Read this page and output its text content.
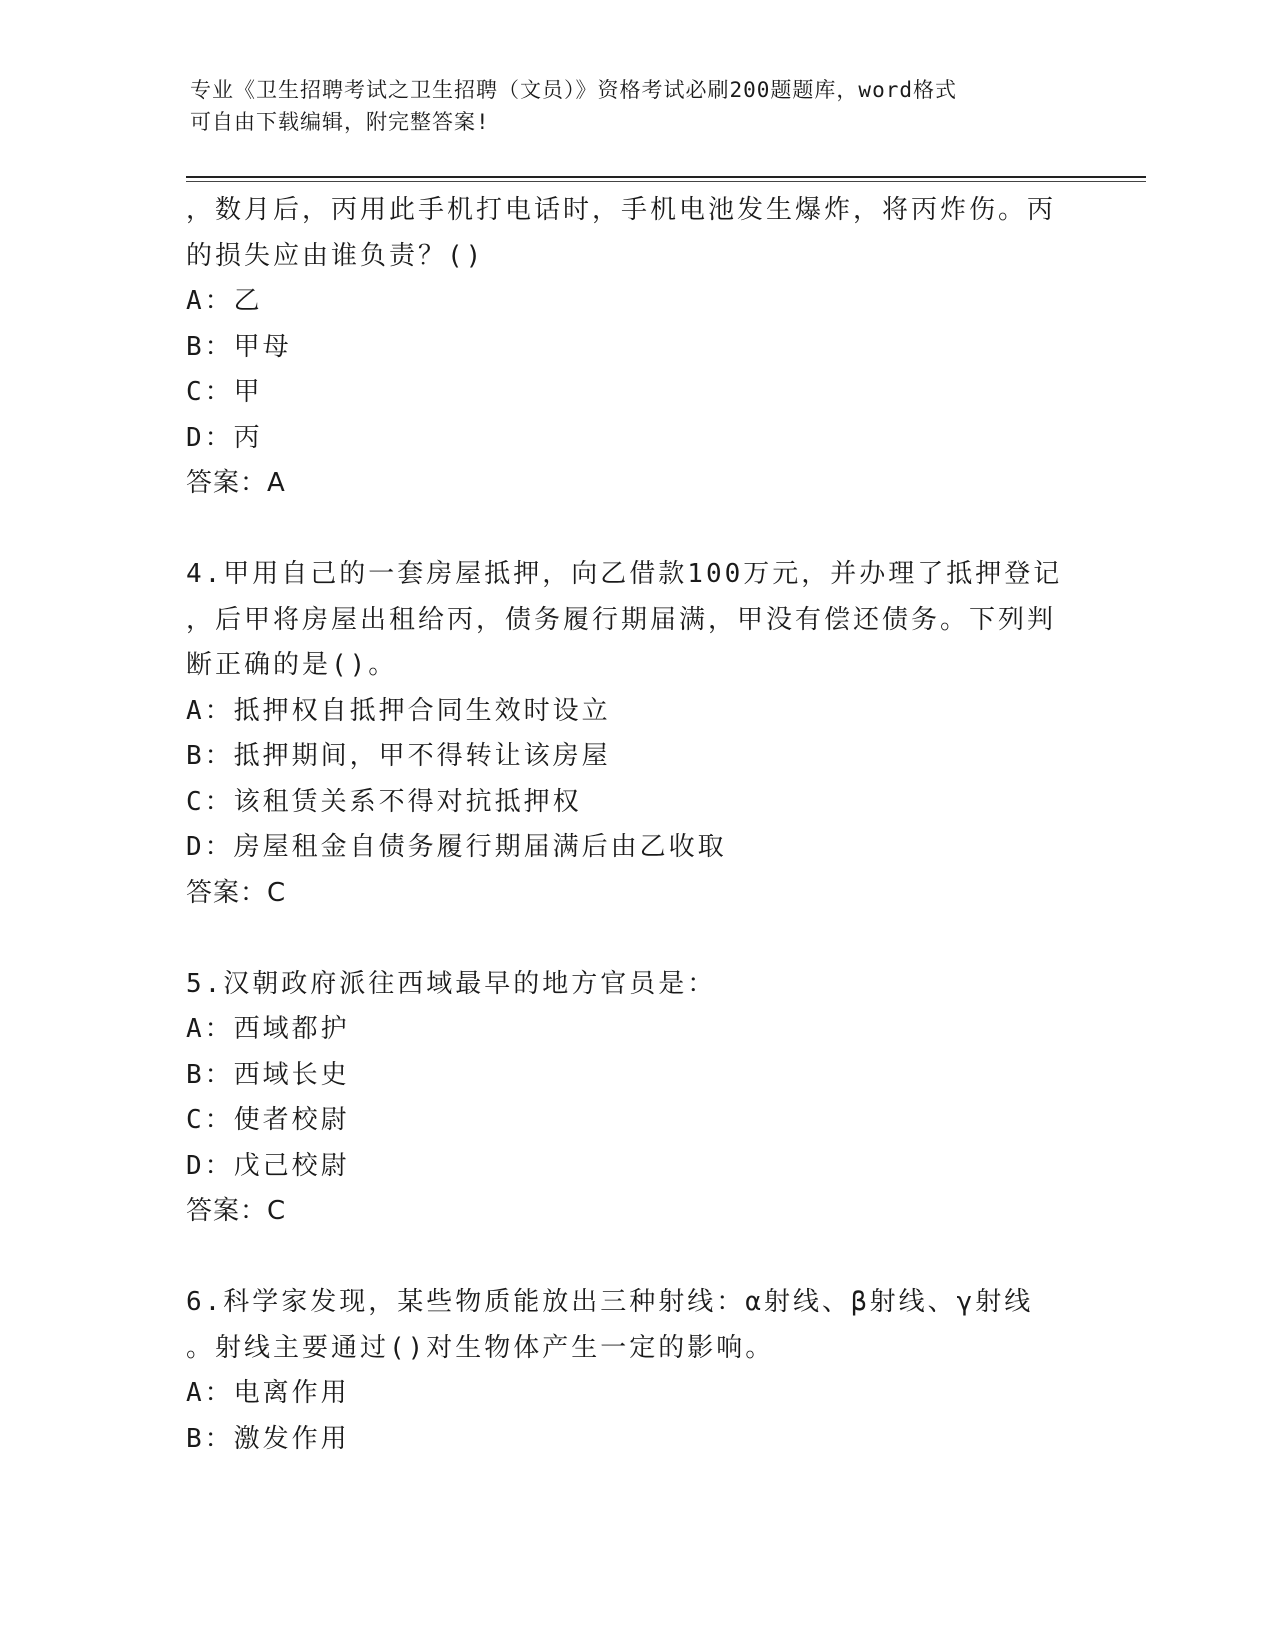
专业《卫生招聘考试之卫生招聘（文员）》资格考试必刷200题题库，word格式
可自由下载编辑，附完整答案!
，数月后，丙用此手机打电话时，手机电池发生爆炸，将丙炸伤。丙
的损失应由谁负责？()
A：乙
B：甲母
C：甲
D：丙
答案：A
4.甲用自己的一套房屋抵押，向乙借款100万元，并办理了抵押登记
，后甲将房屋出租给丙，债务履行期届满，甲没有偿还债务。下列判
断正确的是()。
A：抵押权自抵押合同生效时设立
B：抵押期间，甲不得转让该房屋
C：该租赁关系不得对抗抵押权
D：房屋租金自债务履行期届满后由乙收取
答案：C
5.汉朝政府派往西域最早的地方官员是：
A：西域都护
B：西域长史
C：使者校尉
D：戊己校尉
答案：C
6.科学家发现，某些物质能放出三种射线：α射线、β射线、γ射线
。射线主要通过()对生物体产生一定的影响。
A：电离作用
B：激发作用
